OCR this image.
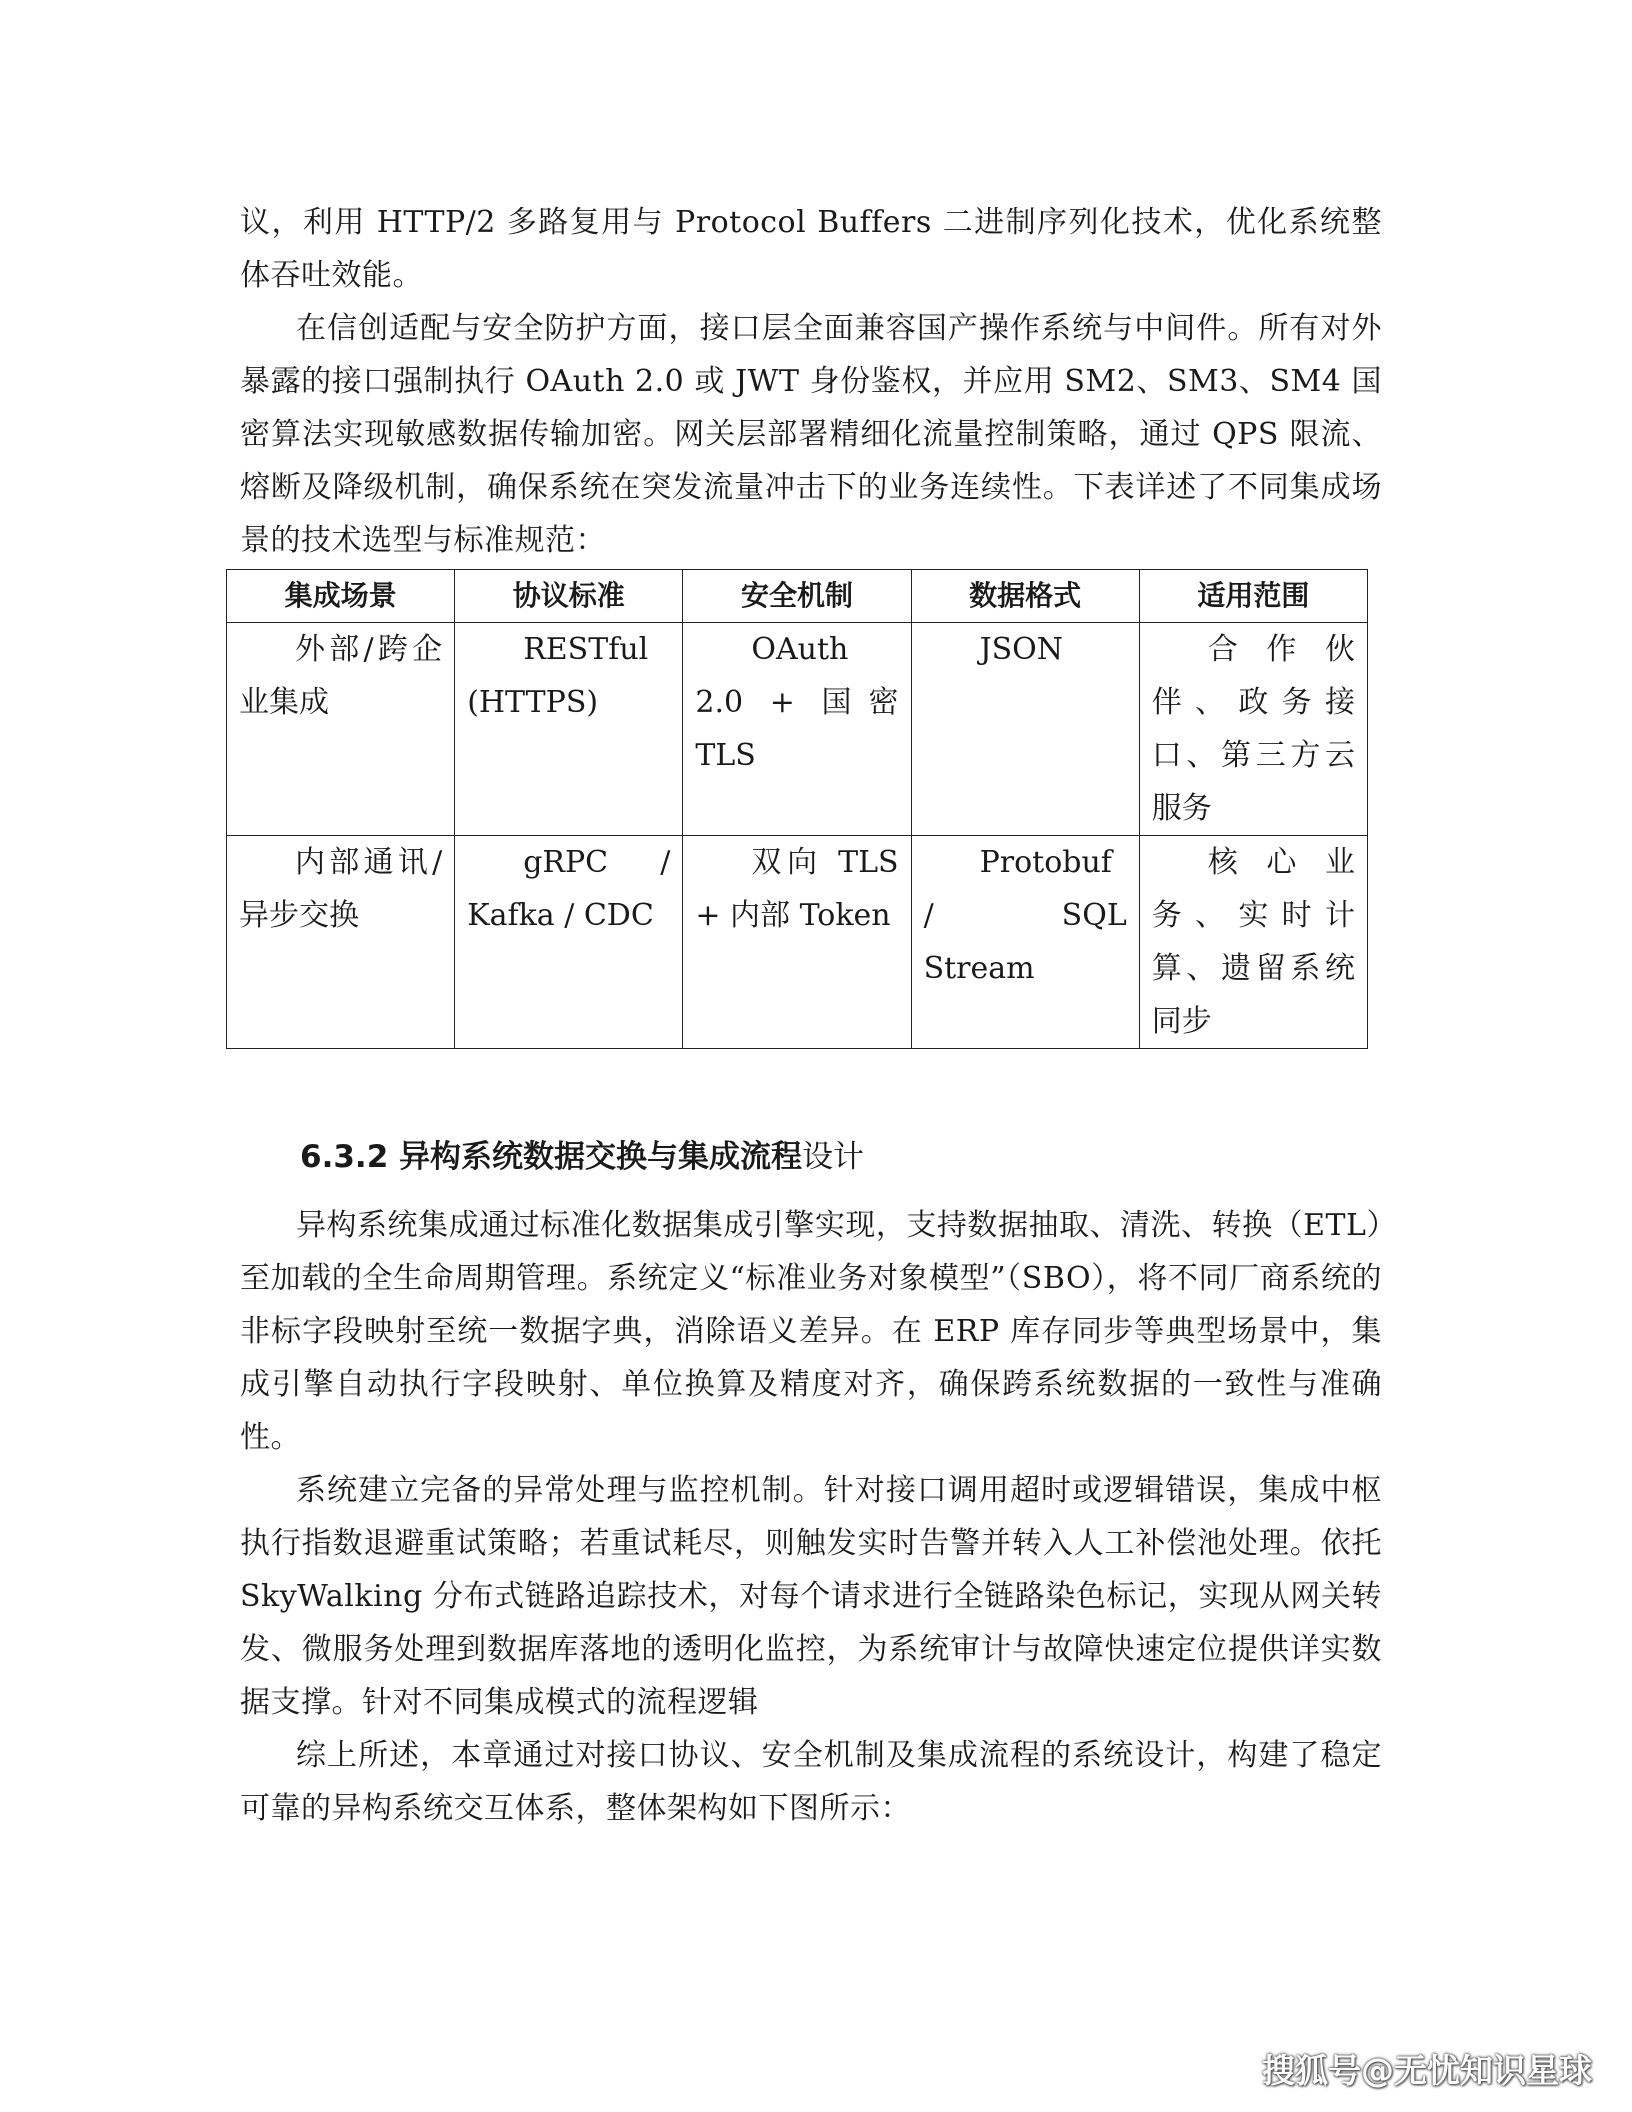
议，利用 HTTP/2 多路复用与 Protocol Buffers 二进制序列化技术，优化系统整体吞吐效能。

在信创适配与安全防护方面，接口层全面兼容国产操作系统与中间件。所有对外暴露的接口强制执行 OAuth 2.0 或 JWT 身份鉴权，并应用 SM2、SM3、SM4 国密算法实现敏感数据传输加密。网关层部署精细化流量控制策略，通过 QPS 限流、熔断及降级机制，确保系统在突发流量冲击下的业务连续性。下表详述了不同集成场景的技术选型与标准规范：

集成场景	协议标准	安全机制	数据格式	适用范围
外部/跨企业集成	RESTful (HTTPS)	OAuth 2.0 + 国密 TLS	JSON	合作伙伴、政务接口、第三方云服务
内部通讯/异步交换	gRPC / Kafka / CDC	双向 TLS + 内部 Token	Protobuf / SQL Stream	核心业务、实时计算、遗留系统同步
6.3.2 异构系统数据交换与集成流程设计

异构系统集成通过标准化数据集成引擎实现，支持数据抽取、清洗、转换（ETL）至加载的全生命周期管理。系统定义“标准业务对象模型”（SBO），将不同厂商系统的非标字段映射至统一数据字典，消除语义差异。在 ERP 库存同步等典型场景中，集成引擎自动执行字段映射、单位换算及精度对齐，确保跨系统数据的一致性与准确性。

系统建立完备的异常处理与监控机制。针对接口调用超时或逻辑错误，集成中枢执行指数退避重试策略；若重试耗尽，则触发实时告警并转入人工补偿池处理。依托 SkyWalking 分布式链路追踪技术，对每个请求进行全链路染色标记，实现从网关转发、微服务处理到数据库落地的透明化监控，为系统审计与故障快速定位提供详实数据支撑。针对不同集成模式的流程逻辑

综上所述，本章通过对接口协议、安全机制及集成流程的系统设计，构建了稳定可靠的异构系统交互体系，整体架构如下图所示：

搜狐号@无忧知识星球
